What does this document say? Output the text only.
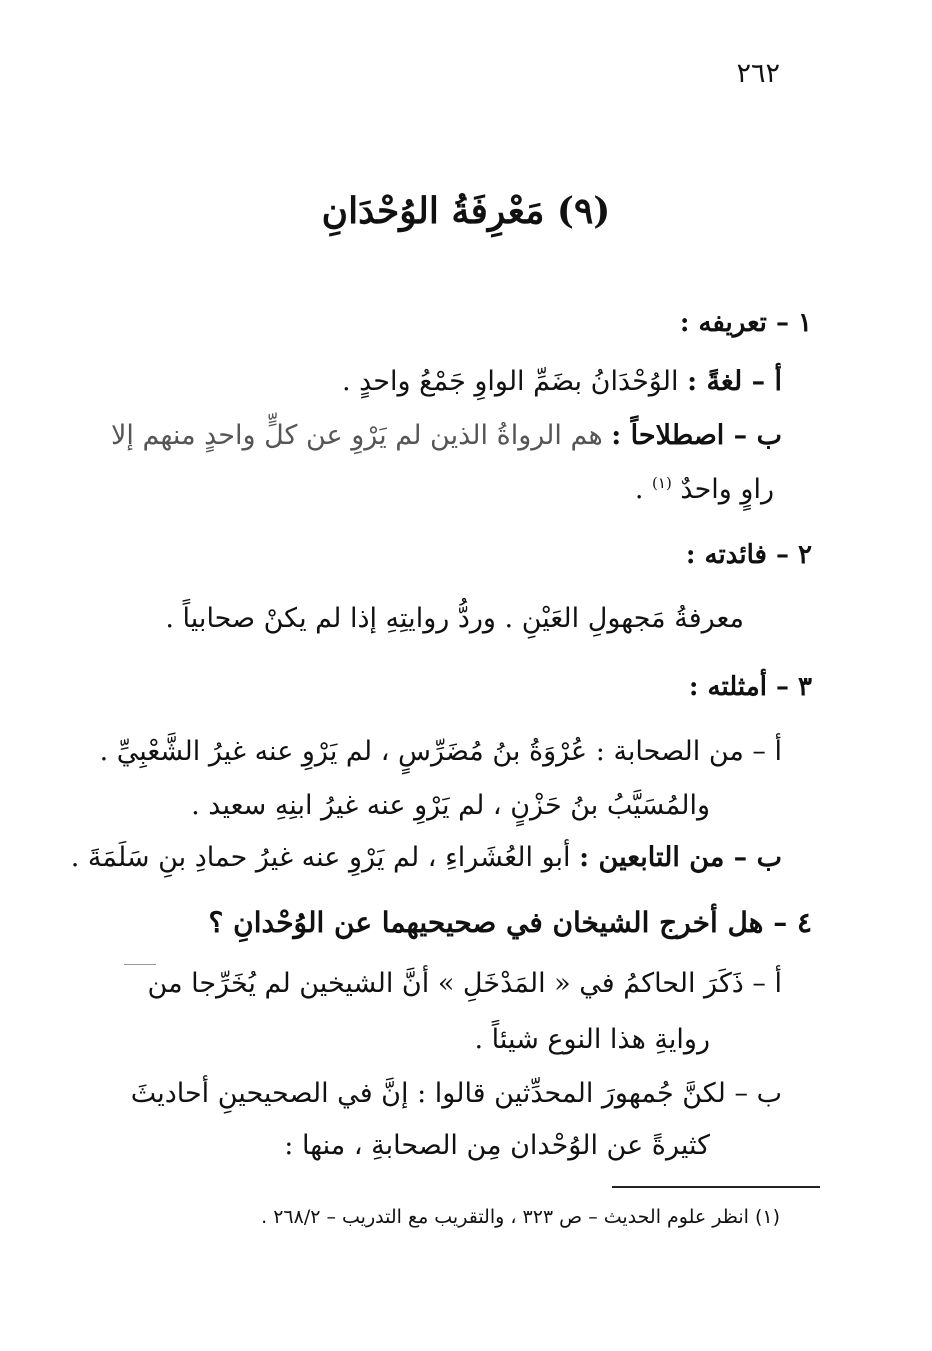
٢٦٢
(٩) مَعْرِفَةُ الوُحْدَانِ
١ – تعريفه :
أ – لغةً : الوُحْدَانُ بضَمِّ الواوِ جَمْعُ واحدٍ .
ب – اصطلاحاً : هم الرواةُ الذين لم يَرْوِ عن كلٍّ واحدٍ منهم إلا
راوٍ واحدٌ $^{(١)}$ .
٢ – فائدته :
معرفةُ مَجهولِ العَيْنِ . وردُّ روايتِهِ إذا لم يكنْ صحابياً .
٣ – أمثلته :
أ – من الصحابة : عُرْوَةُ بنُ مُضَرِّسٍ ، لم يَرْوِ عنه غيرُ الشَّعْبِيِّ .
والمُسَيَّبُ بنُ حَزْنٍ ، لم يَرْوِ عنه غيرُ ابنِهِ سعيد .
ب – من التابعين : أبو العُشَراءِ ، لم يَرْوِ عنه غيرُ حمادِ بنِ سَلَمَةَ .
٤ – هل أخرج الشيخان في صحيحيهما عن الوُحْدانِ ؟
أ – ذَكَرَ الحاكمُ في « المَدْخَلِ » أنَّ الشيخين لم يُخَرِّجا من
روايةِ هذا النوع شيئاً .
ب – لكنَّ جُمهورَ المحدِّثين قالوا : إنَّ في الصحيحينِ أحاديثَ
كثيرةً عن الوُحْدان مِن الصحابةِ ، منها :
(١) انظر علوم الحديث – ص ٣٢٣ ، والتقريب مع التدريب – ٢٦٨/٢ .
